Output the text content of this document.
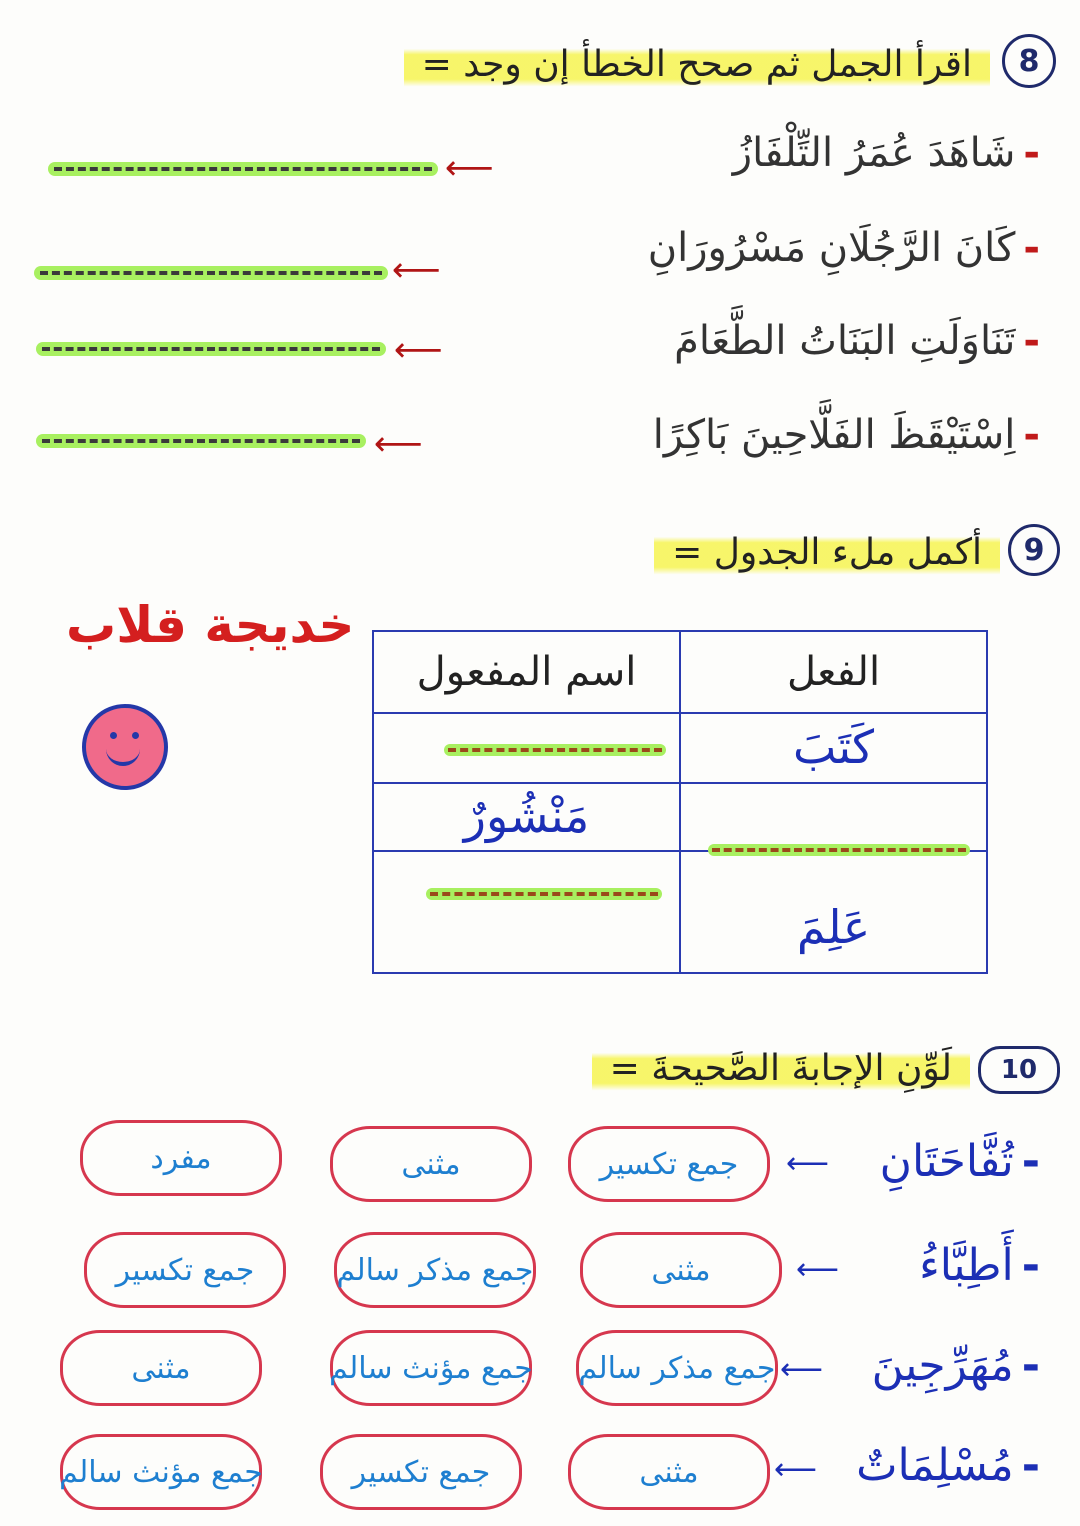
8
اقرأ الجمل ثم صحح الخطأ إن وجد =
-
شَاهَدَ عُمَرُ التِّلْفَازُ
⟵
-
كَانَ الرَّجُلَانِ مَسْرُورَانِ
⟵
-
تَنَاوَلَتِ البَنَاتُ الطَّعَامَ
⟵
-
اِسْتَيْقَظَ الفَلَّاحِينَ بَاكِرًا
⟵
9
أكمل ملء الجدول =
خديجة قلاب
الفعل
اسم المفعول
كَتَبَ
مَنْشُورٌ
عَلِمَ
10
لَوِّنِ الإجابةَ الصَّحيحةَ =
-
تُفَّاحَتَانِ
⟵
جمع تكسير
مثنى
مفرد
-
أَطِبَّاءُ
⟵
مثنى
جمع مذكر سالم
جمع تكسير
-
مُهَرِّجِينَ
⟵
جمع مذكر سالم
جمع مؤنث سالم
مثنى
-
مُسْلِمَاتٌ
⟵
مثنى
جمع تكسير
جمع مؤنث سالم
